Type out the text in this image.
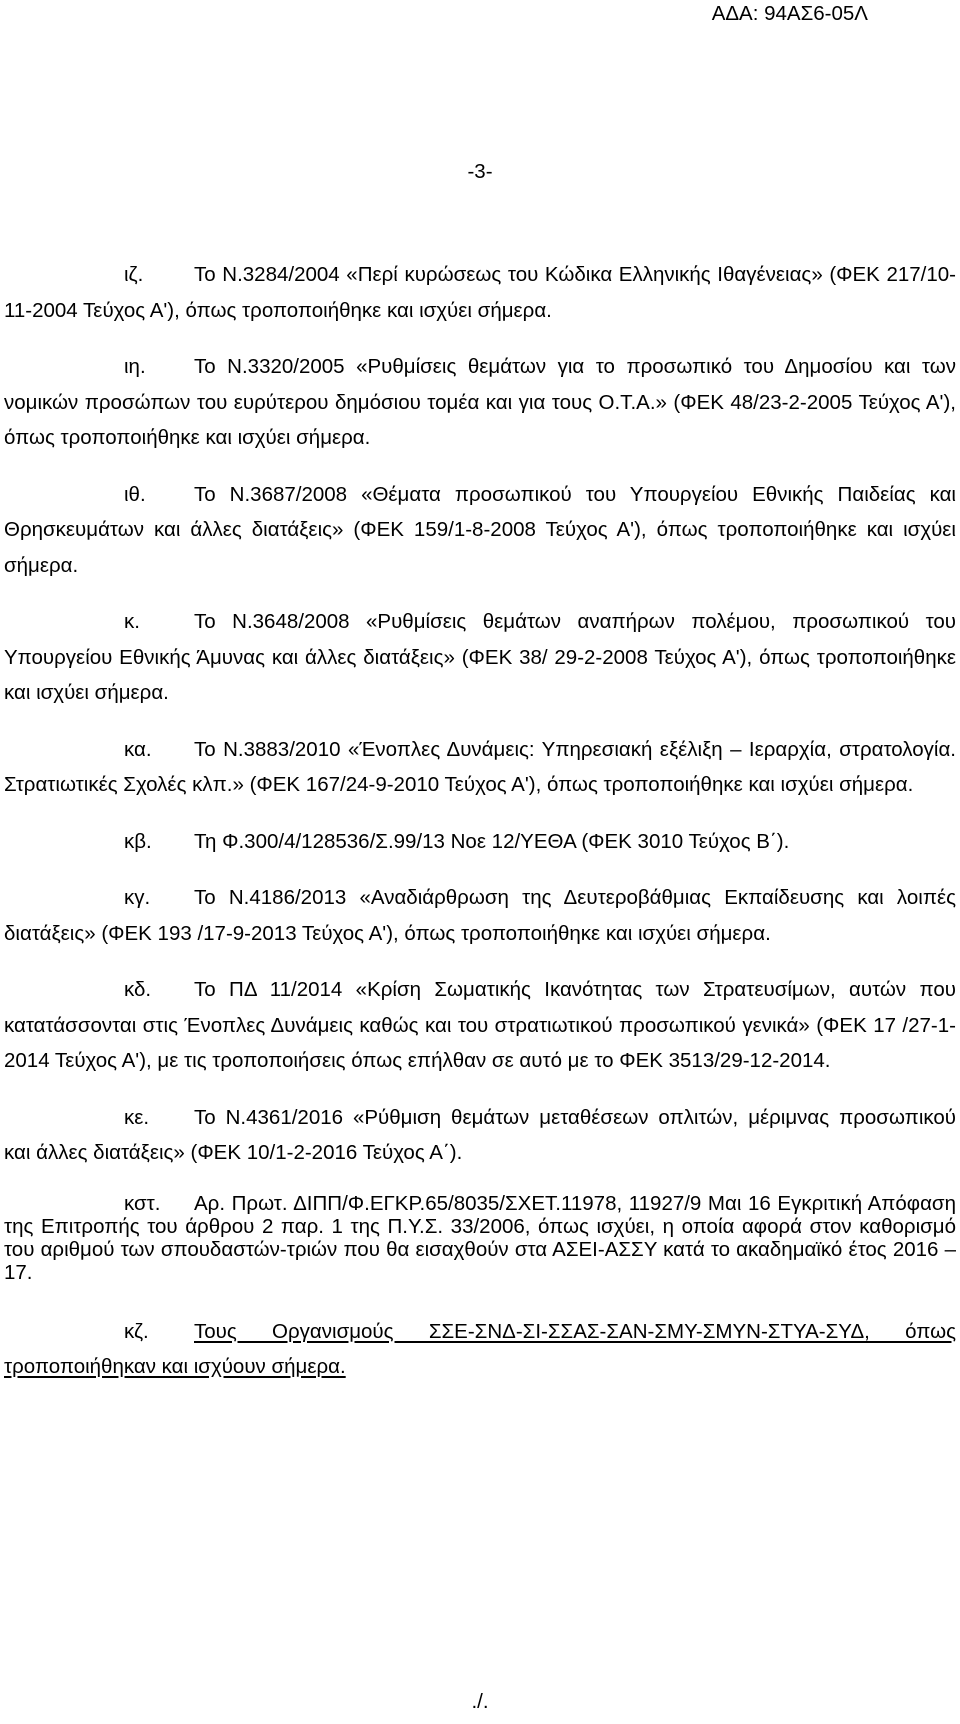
ΑΔΑ: 94ΑΣ6-05Λ
-3-

ιζ. Το Ν.3284/2004 «Περί κυρώσεως του Κώδικα Ελληνικής Ιθαγένειας» (ΦΕΚ 217/10-11-2004 Τεύχος Α'), όπως τροποποιήθηκε και ισχύει σήμερα.

ιη. Το Ν.3320/2005 «Ρυθμίσεις θεμάτων για το προσωπικό του Δημοσίου και των νομικών προσώπων του ευρύτερου δημόσιου τομέα και για τους Ο.Τ.Α.» (ΦΕΚ 48/23-2-2005 Τεύχος Α'), όπως τροποποιήθηκε και ισχύει σήμερα.

ιθ. Το Ν.3687/2008 «Θέματα προσωπικού του Υπουργείου Εθνικής Παιδείας και Θρησκευμάτων και άλλες διατάξεις» (ΦΕΚ 159/1-8-2008 Τεύχος Α'), όπως τροποποιήθηκε και ισχύει σήμερα.

κ.	Το Ν.3648/2008 «Ρυθμίσεις θεμάτων αναπήρων πολέμου, προσωπικού του Υπουργείου Εθνικής Άμυνας και άλλες διατάξεις» (ΦΕΚ 38/ 29-2-2008 Τεύχος Α'), όπως τροποποιήθηκε και ισχύει σήμερα.

κα. Το Ν.3883/2010 «Ένοπλες Δυνάμεις: Υπηρεσιακή εξέλιξη – Ιεραρχία, στρατολογία. Στρατιωτικές Σχολές κλπ.» (ΦΕΚ 167/24-9-2010 Τεύχος Α'), όπως τροποποιήθηκε και ισχύει σήμερα.

κβ. Τη Φ.300/4/128536/Σ.99/13 Νοε 12/ΥΕΘΑ (ΦΕΚ 3010 Τεύχος Β΄).

κγ. Το Ν.4186/2013 «Αναδιάρθρωση της Δευτεροβάθμιας Εκπαίδευσης και λοιπές διατάξεις» (ΦΕΚ 193 /17-9-2013 Τεύχος Α'), όπως τροποποιήθηκε και ισχύει σήμερα.

κδ. Το ΠΔ 11/2014 «Κρίση Σωματικής Ικανότητας των Στρατευσίμων, αυτών που κατατάσσονται στις Ένοπλες Δυνάμεις καθώς και του στρατιωτικού προσωπικού γενικά» (ΦΕΚ 17 /27-1-2014 Τεύχος Α'), με τις τροποποιήσεις όπως επήλθαν σε αυτό με το ΦΕΚ 3513/29-12-2014.

κε. Το Ν.4361/2016 «Ρύθμιση θεμάτων μεταθέσεων οπλιτών, μέριμνας προσωπικού και άλλες διατάξεις» (ΦΕΚ 10/1-2-2016 Τεύχος Α΄).

κστ. Αρ. Πρωτ. ΔΙΠΠ/Φ.ΕΓΚΡ.65/8035/ΣΧΕΤ.11978, 11927/9 Μαι 16 Εγκριτική Απόφαση της Επιτροπής του άρθρου 2 παρ. 1 της Π.Υ.Σ. 33/2006, όπως ισχύει, η οποία αφορά στον καθορισμό του αριθμού των σπουδαστών-τριών που θα εισαχθούν στα ΑΣΕΙ-ΑΣΣΥ κατά το ακαδημαϊκό έτος 2016 – 17.

κζ. Τους Οργανισμούς ΣΣΕ-ΣΝΔ-ΣΙ-ΣΣΑΣ-ΣΑΝ-ΣΜΥ-ΣΜΥΝ-ΣΤΥΑ-ΣΥΔ, όπως τροποποιήθηκαν και ισχύουν σήμερα.

./.
